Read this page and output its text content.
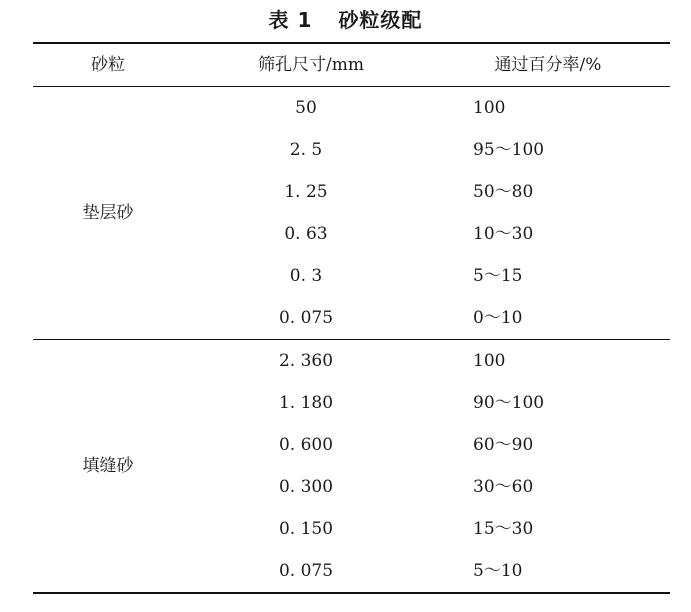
表 1 砂粒级配
砂粒	筛孔尺寸/mm	通过百分率/%
垫层砂
50	100
2. 5	95～100
1. 25	50～80
0. 63	10～30
0. 3	5～15
0. 075	0～10
填缝砂
2. 360	100
1. 180	90～100
0. 600	60～90
0. 300	30～60
0. 150	15～30
0. 075	5～10
